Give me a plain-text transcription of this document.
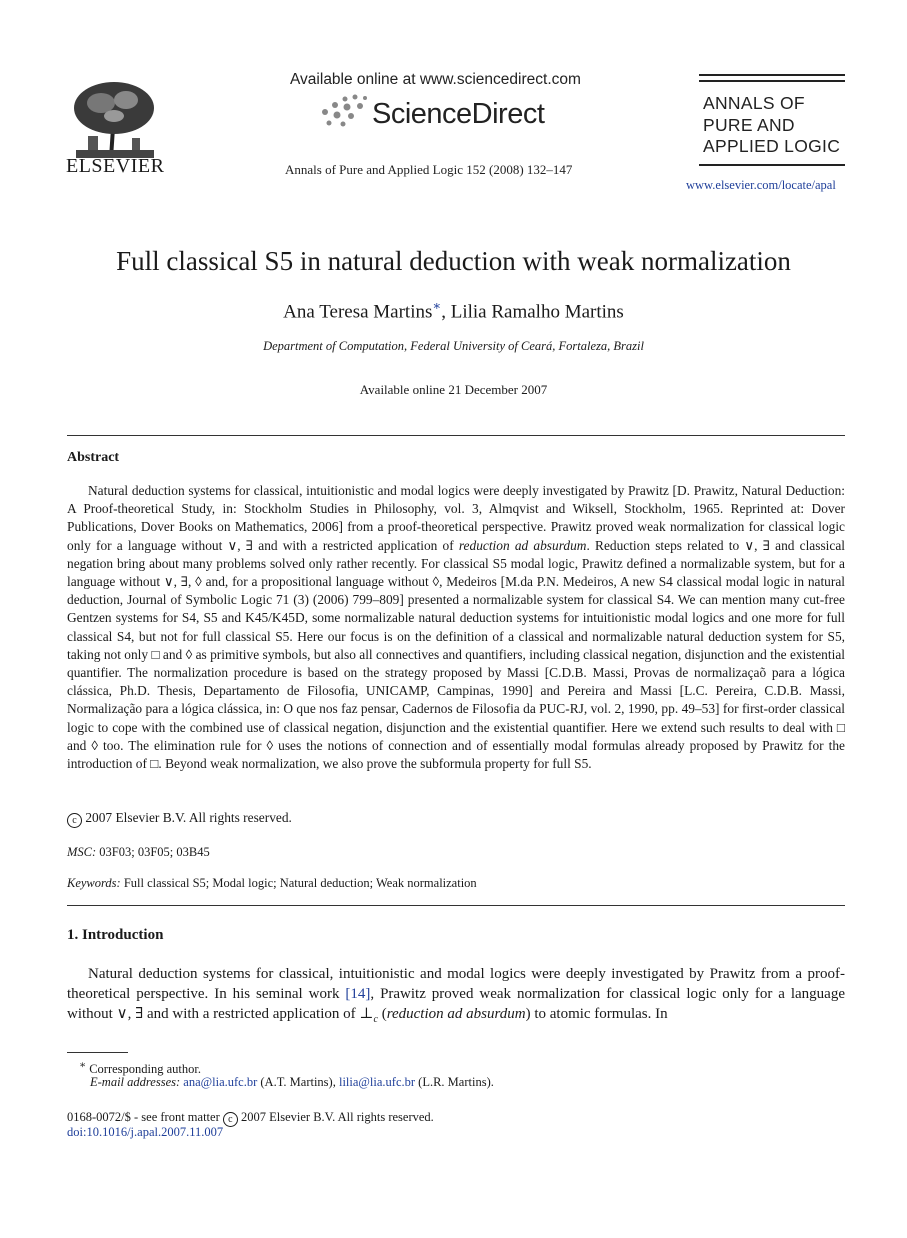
ELSEVIER
Available online at www.sciencedirect.com
ScienceDirect
Annals of Pure and Applied Logic 152 (2008) 132–147
ANNALS OF
PURE AND
APPLIED LOGIC
www.elsevier.com/locate/apal
Full classical S5 in natural deduction with weak normalization
Ana Teresa Martins∗, Lilia Ramalho Martins
Department of Computation, Federal University of Ceará, Fortaleza, Brazil
Available online 21 December 2007
Abstract

Natural deduction systems for classical, intuitionistic and modal logics were deeply investigated by Prawitz [D. Prawitz, Natural Deduction: A Proof-theoretical Study, in: Stockholm Studies in Philosophy, vol. 3, Almqvist and Wiksell, Stockholm, 1965. Reprinted at: Dover Publications, Dover Books on Mathematics, 2006] from a proof-theoretical perspective. Prawitz proved weak normalization for classical logic only for a language without ∨, ∃ and with a restricted application of reduction ad absurdum. Reduction steps related to ∨, ∃ and classical negation bring about many problems solved only rather recently. For classical S5 modal logic, Prawitz defined a normalizable system, but for a language without ∨, ∃, ◊ and, for a propositional language without ◊, Medeiros [M.da P.N. Medeiros, A new S4 classical modal logic in natural deduction, Journal of Symbolic Logic 71 (3) (2006) 799–809] presented a normalizable system for classical S4. We can mention many cut-free Gentzen systems for S4, S5 and K45/K45D, some normalizable natural deduction systems for intuitionistic modal logics and one more for full classical S4, but not for full classical S5. Here our focus is on the definition of a classical and normalizable natural deduction system for S5, taking not only □ and ◊ as primitive symbols, but also all connectives and quantifiers, including classical negation, disjunction and the existential quantifier. The normalization procedure is based on the strategy proposed by Massi [C.D.B. Massi, Provas de normalizaçaõ para a lógica clássica, Ph.D. Thesis, Departamento de Filosofia, UNICAMP, Campinas, 1990] and Pereira and Massi [L.C. Pereira, C.D.B. Massi, Normalização para a lógica clássica, in: O que nos faz pensar, Cadernos de Filosofia da PUC-RJ, vol. 2, 1990, pp. 49–53] for first-order classical logic to cope with the combined use of classical negation, disjunction and the existential quantifier. Here we extend such results to deal with □ and ◊ too. The elimination rule for ◊ uses the notions of connection and of essentially modal formulas already proposed by Prawitz for the introduction of □. Beyond weak normalization, we also prove the subformula property for full S5.

c 2007 Elsevier B.V. All rights reserved.
MSC: 03F03; 03F05; 03B45
Keywords: Full classical S5; Modal logic; Natural deduction; Weak normalization
1. Introduction

Natural deduction systems for classical, intuitionistic and modal logics were deeply investigated by Prawitz from a proof-theoretical perspective. In his seminal work [14], Prawitz proved weak normalization for classical logic only for a language without ∨, ∃ and with a restricted application of $\perp_c$ (reduction ad absurdum) to atomic formulas. In

∗ Corresponding author.
E-mail addresses: ana@lia.ufc.br (A.T. Martins), lilia@lia.ufc.br (L.R. Martins).
0168-0072/$ - see front matter c 2007 Elsevier B.V. All rights reserved.
doi:10.1016/j.apal.2007.11.007
